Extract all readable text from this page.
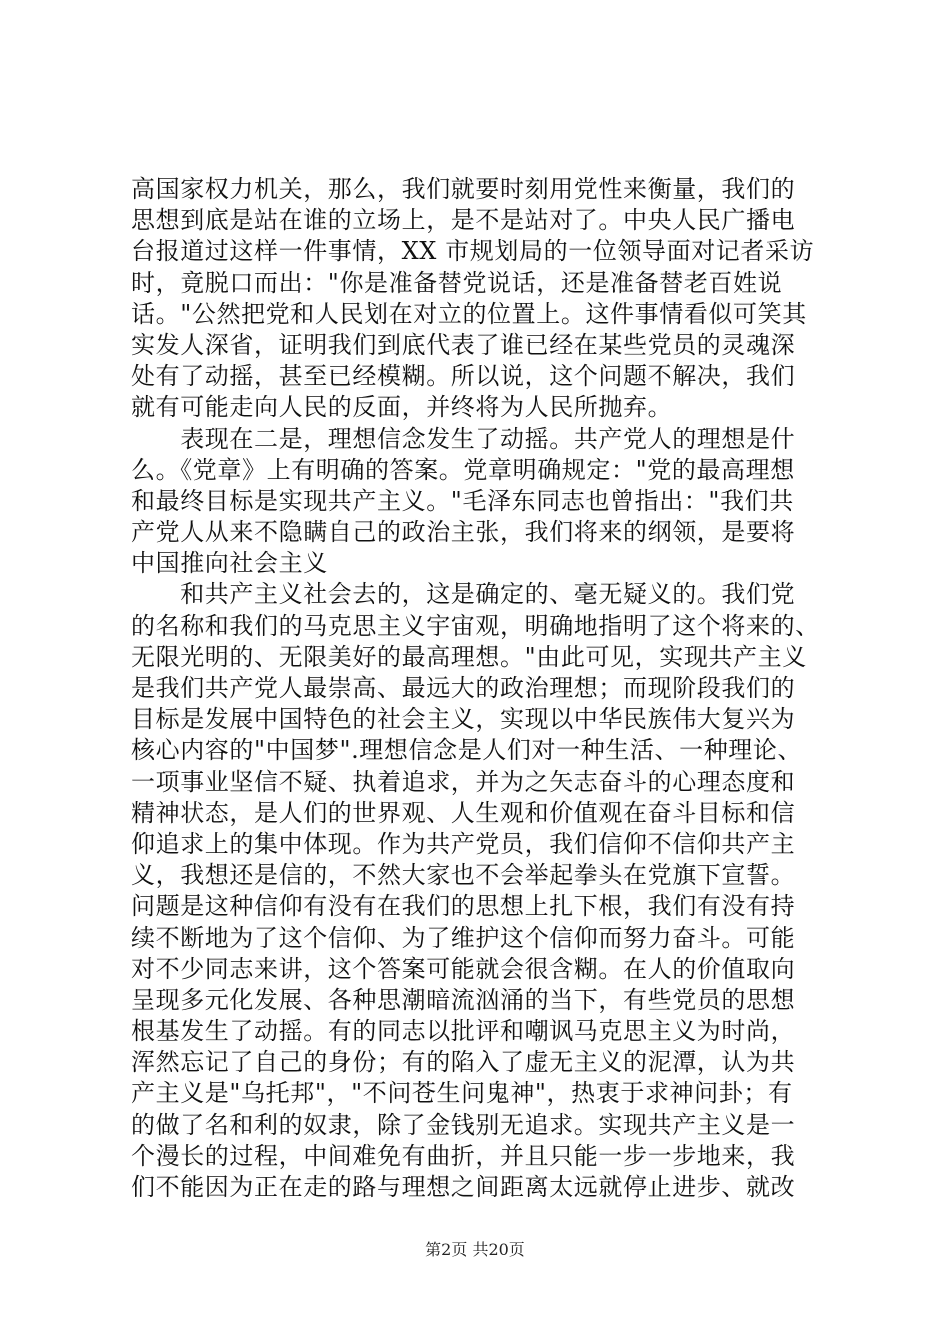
高国家权力机关，那么，我们就要时刻用党性来衡量，我们的
思想到底是站在谁的立场上，是不是站对了。中央人民广播电
台报道过这样一件事情，XX 市规划局的一位领导面对记者采访
时，竟脱口而出："你是准备替党说话，还是准备替老百姓说
话。"公然把党和人民划在对立的位置上。这件事情看似可笑其
实发人深省，证明我们到底代表了谁已经在某些党员的灵魂深
处有了动摇，甚至已经模糊。所以说，这个问题不解决，我们
就有可能走向人民的反面，并终将为人民所抛弃。
　　表现在二是，理想信念发生了动摇。共产党人的理想是什
么。《党章》上有明确的答案。党章明确规定："党的最高理想
和最终目标是实现共产主义。"毛泽东同志也曾指出："我们共
产党人从来不隐瞒自己的政治主张，我们将来的纲领，是要将
中国推向社会主义
　　和共产主义社会去的，这是确定的、毫无疑义的。我们党
的名称和我们的马克思主义宇宙观，明确地指明了这个将来的、
无限光明的、无限美好的最高理想。"由此可见，实现共产主义
是我们共产党人最崇高、最远大的政治理想；而现阶段我们的
目标是发展中国特色的社会主义，实现以中华民族伟大复兴为
核心内容的"中国梦".理想信念是人们对一种生活、一种理论、
一项事业坚信不疑、执着追求，并为之矢志奋斗的心理态度和
精神状态，是人们的世界观、人生观和价值观在奋斗目标和信
仰追求上的集中体现。作为共产党员，我们信仰不信仰共产主
义，我想还是信的，不然大家也不会举起拳头在党旗下宣誓。
问题是这种信仰有没有在我们的思想上扎下根，我们有没有持
续不断地为了这个信仰、为了维护这个信仰而努力奋斗。可能
对不少同志来讲，这个答案可能就会很含糊。在人的价值取向
呈现多元化发展、各种思潮暗流汹涌的当下，有些党员的思想
根基发生了动摇。有的同志以批评和嘲讽马克思主义为时尚，
浑然忘记了自己的身份；有的陷入了虚无主义的泥潭，认为共
产主义是"乌托邦"，"不问苍生问鬼神"，热衷于求神问卦；有
的做了名和利的奴隶，除了金钱别无追求。实现共产主义是一
个漫长的过程，中间难免有曲折，并且只能一步一步地来，我
们不能因为正在走的路与理想之间距离太远就停止进步、就改
第2页 共20页
